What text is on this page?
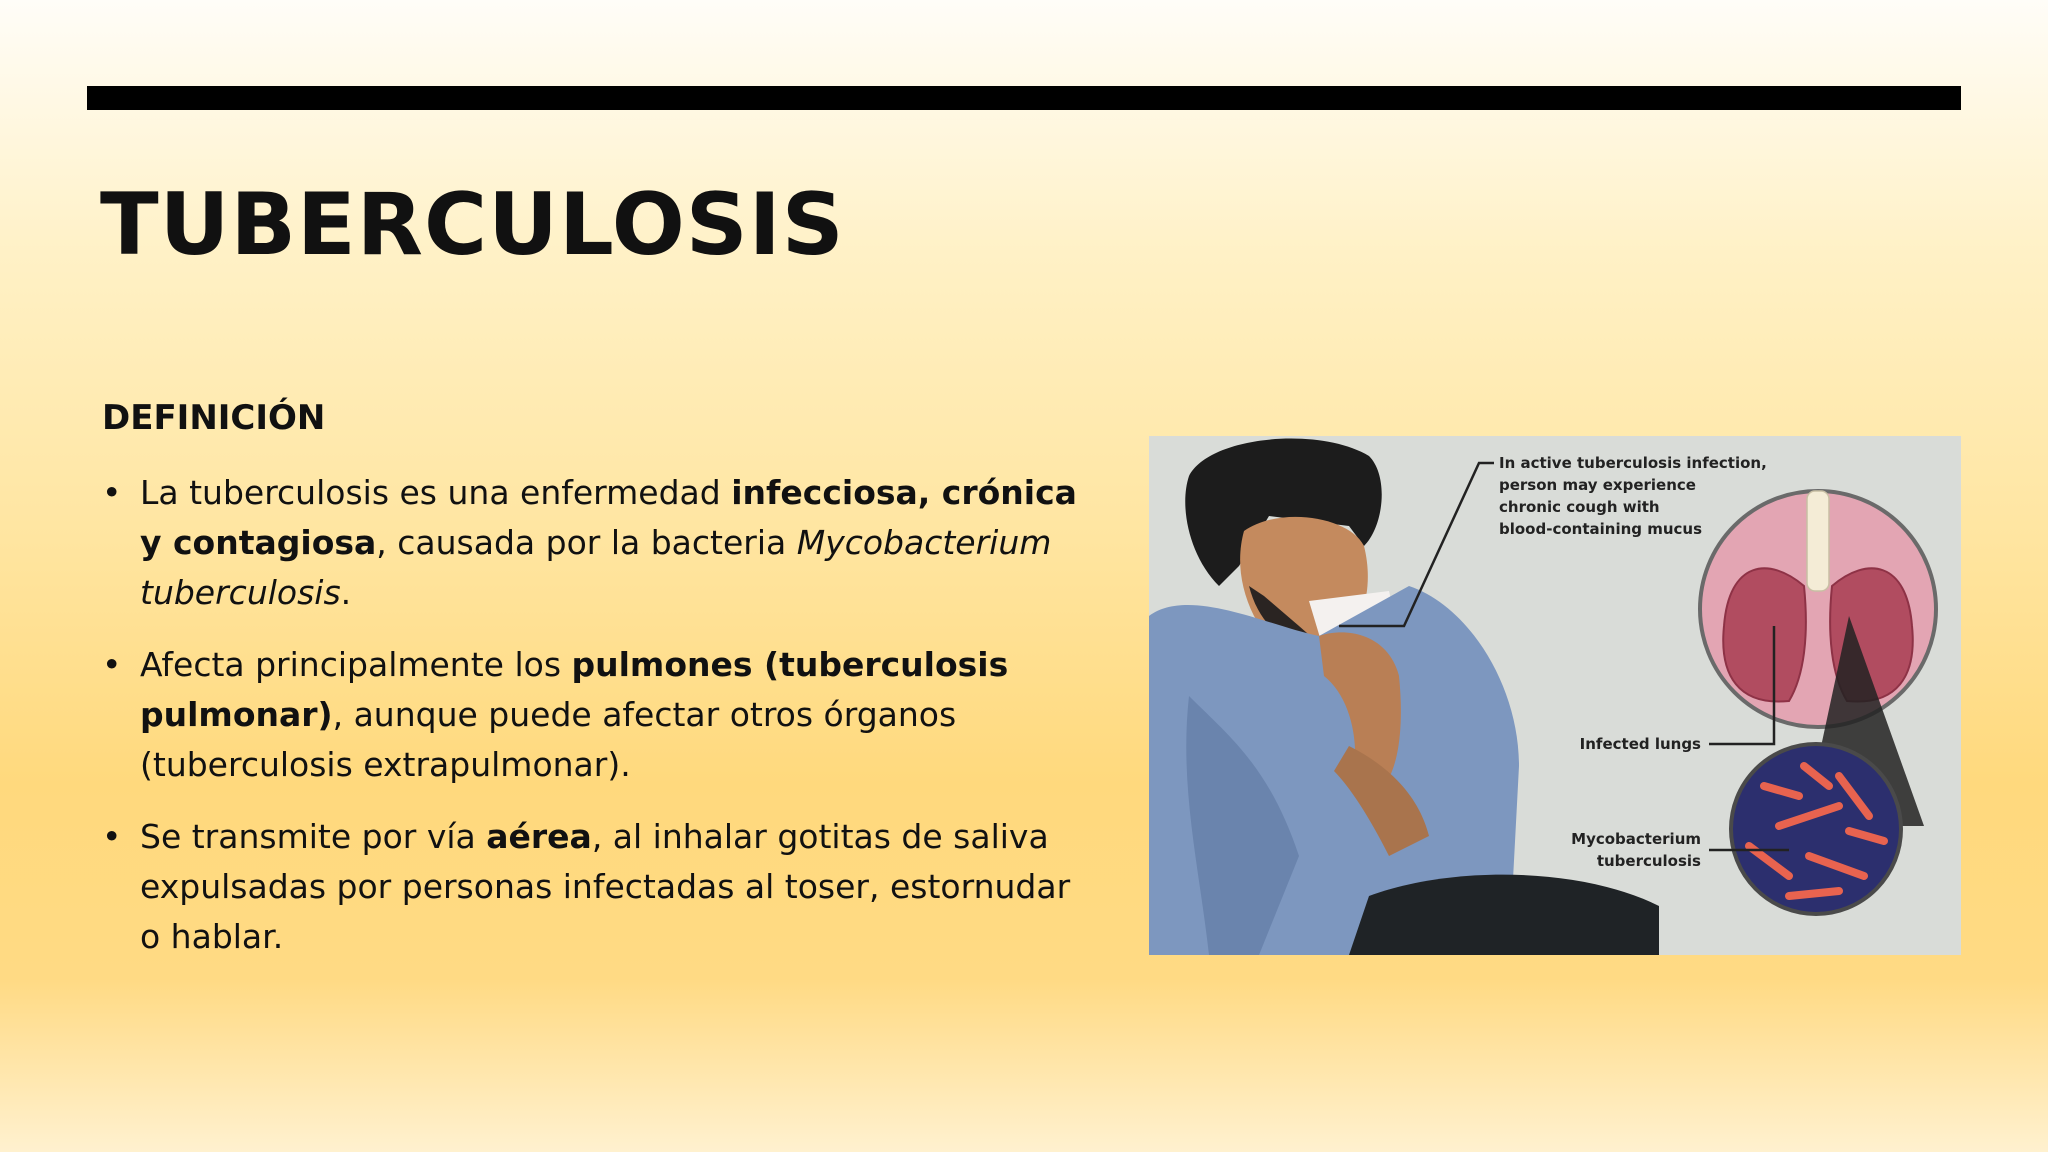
TUBERCULOSIS
DEFINICIÓN
• La tuberculosis es una enfermedad infecciosa, crónica y contagiosa, causada por la bacteria Mycobacterium tuberculosis.
• Afecta principalmente los pulmones (tuberculosis pulmonar), aunque puede afectar otros órganos (tuberculosis extrapulmonar).
• Se transmite por vía aérea, al inhalar gotitas de saliva expulsadas por personas infectadas al toser, estornudar o hablar.
In active tuberculosis infection,
person may experience
chronic cough with
blood-containing mucus
Infected lungs
Mycobacterium
tuberculosis
